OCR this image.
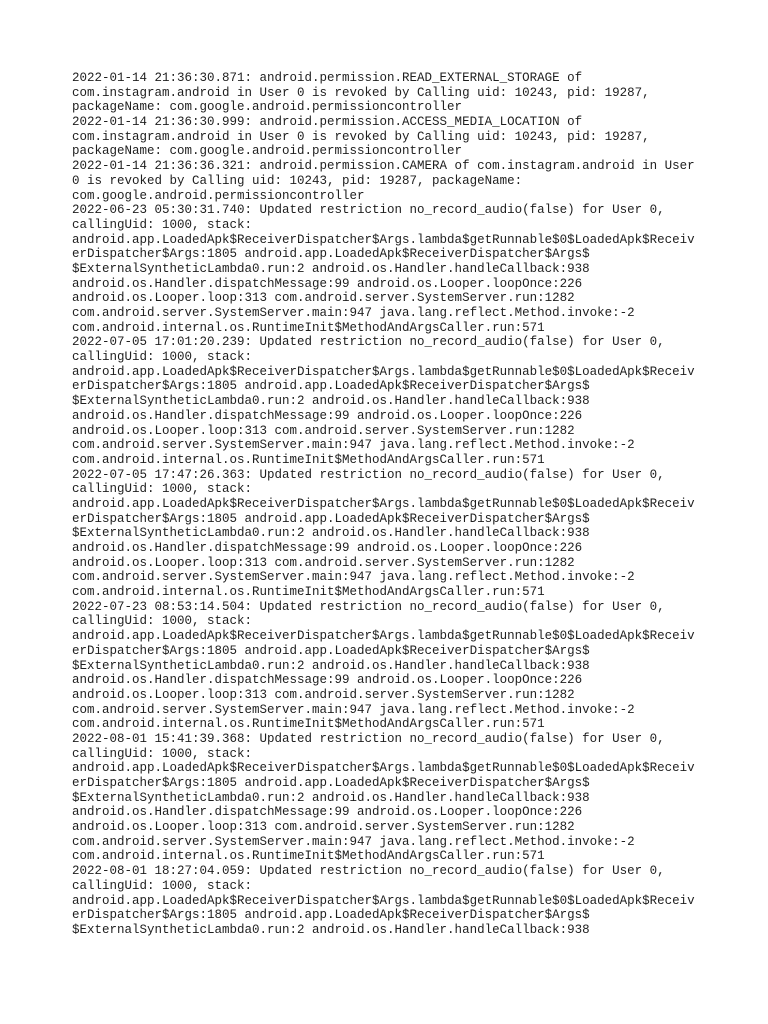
2022-01-14 21:36:30.871: android.permission.READ_EXTERNAL_STORAGE of
com.instagram.android in User 0 is revoked by Calling uid: 10243, pid: 19287,
packageName: com.google.android.permissioncontroller
2022-01-14 21:36:30.999: android.permission.ACCESS_MEDIA_LOCATION of
com.instagram.android in User 0 is revoked by Calling uid: 10243, pid: 19287,
packageName: com.google.android.permissioncontroller
2022-01-14 21:36:36.321: android.permission.CAMERA of com.instagram.android in User
0 is revoked by Calling uid: 10243, pid: 19287, packageName:
com.google.android.permissioncontroller
2022-06-23 05:30:31.740: Updated restriction no_record_audio(false) for User 0,
callingUid: 1000, stack:
android.app.LoadedApk$ReceiverDispatcher$Args.lambda$getRunnable$0$LoadedApk$Receiv
erDispatcher$Args:1805 android.app.LoadedApk$ReceiverDispatcher$Args$
$ExternalSyntheticLambda0.run:2 android.os.Handler.handleCallback:938
android.os.Handler.dispatchMessage:99 android.os.Looper.loopOnce:226
android.os.Looper.loop:313 com.android.server.SystemServer.run:1282
com.android.server.SystemServer.main:947 java.lang.reflect.Method.invoke:-2
com.android.internal.os.RuntimeInit$MethodAndArgsCaller.run:571
2022-07-05 17:01:20.239: Updated restriction no_record_audio(false) for User 0,
callingUid: 1000, stack:
android.app.LoadedApk$ReceiverDispatcher$Args.lambda$getRunnable$0$LoadedApk$Receiv
erDispatcher$Args:1805 android.app.LoadedApk$ReceiverDispatcher$Args$
$ExternalSyntheticLambda0.run:2 android.os.Handler.handleCallback:938
android.os.Handler.dispatchMessage:99 android.os.Looper.loopOnce:226
android.os.Looper.loop:313 com.android.server.SystemServer.run:1282
com.android.server.SystemServer.main:947 java.lang.reflect.Method.invoke:-2
com.android.internal.os.RuntimeInit$MethodAndArgsCaller.run:571
2022-07-05 17:47:26.363: Updated restriction no_record_audio(false) for User 0,
callingUid: 1000, stack:
android.app.LoadedApk$ReceiverDispatcher$Args.lambda$getRunnable$0$LoadedApk$Receiv
erDispatcher$Args:1805 android.app.LoadedApk$ReceiverDispatcher$Args$
$ExternalSyntheticLambda0.run:2 android.os.Handler.handleCallback:938
android.os.Handler.dispatchMessage:99 android.os.Looper.loopOnce:226
android.os.Looper.loop:313 com.android.server.SystemServer.run:1282
com.android.server.SystemServer.main:947 java.lang.reflect.Method.invoke:-2
com.android.internal.os.RuntimeInit$MethodAndArgsCaller.run:571
2022-07-23 08:53:14.504: Updated restriction no_record_audio(false) for User 0,
callingUid: 1000, stack:
android.app.LoadedApk$ReceiverDispatcher$Args.lambda$getRunnable$0$LoadedApk$Receiv
erDispatcher$Args:1805 android.app.LoadedApk$ReceiverDispatcher$Args$
$ExternalSyntheticLambda0.run:2 android.os.Handler.handleCallback:938
android.os.Handler.dispatchMessage:99 android.os.Looper.loopOnce:226
android.os.Looper.loop:313 com.android.server.SystemServer.run:1282
com.android.server.SystemServer.main:947 java.lang.reflect.Method.invoke:-2
com.android.internal.os.RuntimeInit$MethodAndArgsCaller.run:571
2022-08-01 15:41:39.368: Updated restriction no_record_audio(false) for User 0,
callingUid: 1000, stack:
android.app.LoadedApk$ReceiverDispatcher$Args.lambda$getRunnable$0$LoadedApk$Receiv
erDispatcher$Args:1805 android.app.LoadedApk$ReceiverDispatcher$Args$
$ExternalSyntheticLambda0.run:2 android.os.Handler.handleCallback:938
android.os.Handler.dispatchMessage:99 android.os.Looper.loopOnce:226
android.os.Looper.loop:313 com.android.server.SystemServer.run:1282
com.android.server.SystemServer.main:947 java.lang.reflect.Method.invoke:-2
com.android.internal.os.RuntimeInit$MethodAndArgsCaller.run:571
2022-08-01 18:27:04.059: Updated restriction no_record_audio(false) for User 0,
callingUid: 1000, stack:
android.app.LoadedApk$ReceiverDispatcher$Args.lambda$getRunnable$0$LoadedApk$Receiv
erDispatcher$Args:1805 android.app.LoadedApk$ReceiverDispatcher$Args$
$ExternalSyntheticLambda0.run:2 android.os.Handler.handleCallback:938
